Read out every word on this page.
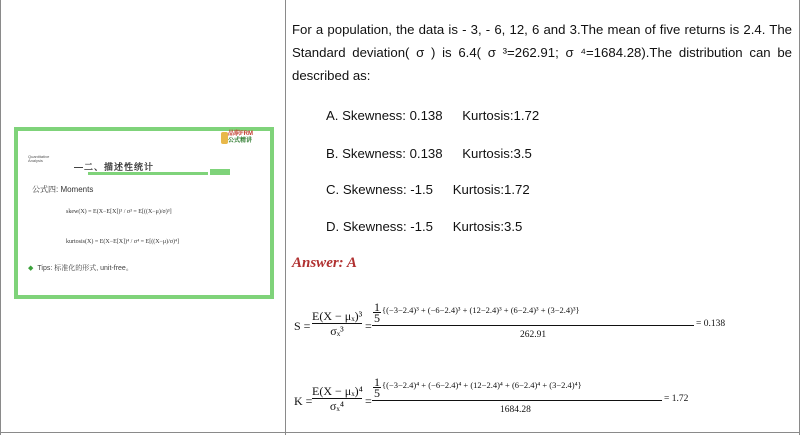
Quantitative Analysis
—二、描述性统计
品职FRM
公式精讲
公式四: Moments
skew(X) = E(X−E[X])³ / σ³ = E[((X−μ)/σ)³]
kurtosis(X) = E(X−E[X])⁴ / σ⁴ = E[((X−μ)/σ)⁴]
◆ Tips: 标准化的形式, unit-free。
For a population, the data is - 3, - 6, 12, 6 and 3.The mean of five returns is 2.4. The Standard deviation( σ ) is 6.4( σ ³=262.91; σ ⁴=1684.28).The distribution can be described as:
A. Skewness: 0.138 Kurtosis:1.72
B. Skewness: 0.138 Kurtosis:3.5
C. Skewness: -1.5 Kurtosis:1.72
D. Skewness: -1.5 Kurtosis:3.5
Answer: A
$S = \frac{\text{E(X − μₓ)³}}{\text{σₓ³}}$ =
1
5
{(−3−2.4)³ + (−6−2.4)³ + (12−2.4)³ + (6−2.4)³ + (3−2.4)³}
262.91
= 0.138
$K = \frac{\text{E(X − μₓ)⁴}}{\text{σₓ⁴}}$ =
1
5
{(−3−2.4)⁴ + (−6−2.4)⁴ + (12−2.4)⁴ + (6−2.4)⁴ + (3−2.4)⁴}
1684.28
= 1.72
